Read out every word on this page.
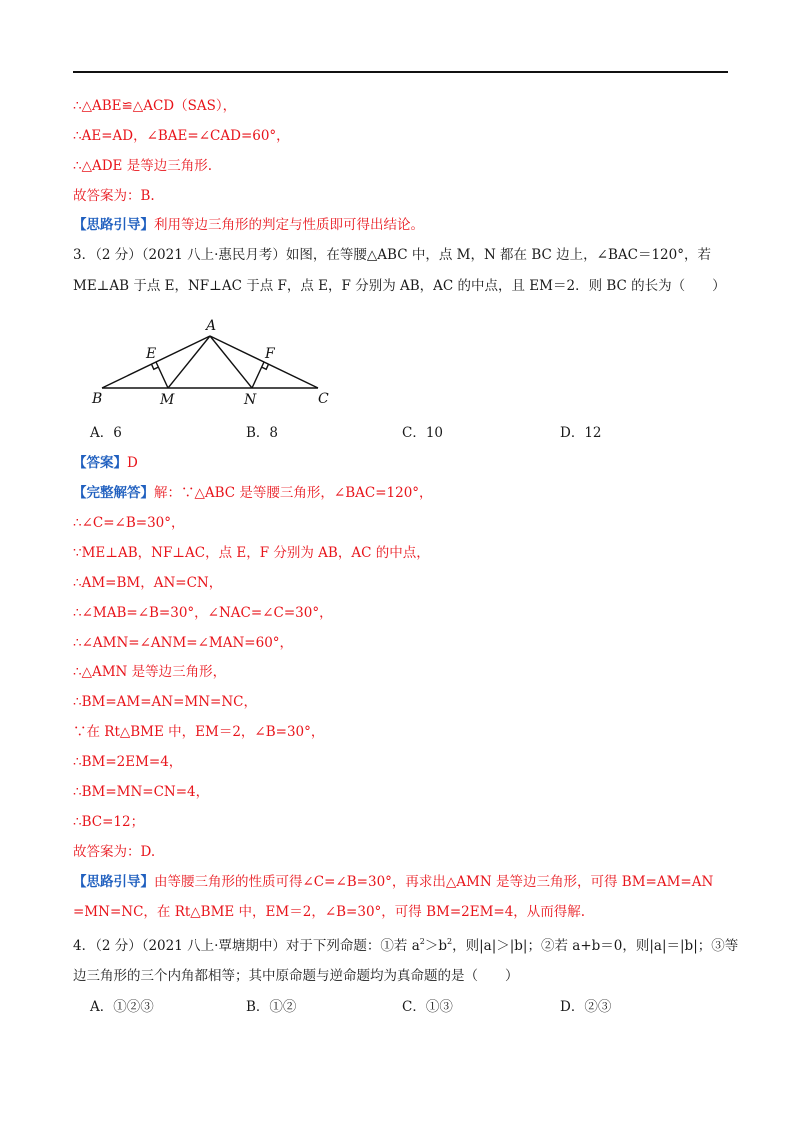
∴△ABE≌△ACD（SAS），
∴AE=AD，∠BAE=∠CAD=60°，
∴△ADE 是等边三角形.
故答案为：B.
【思路引导】利用等边三角形的判定与性质即可得出结论。
3．（2 分）（2021 八上·惠民月考）如图，在等腰△ABC 中，点 M，N 都在 BC 边上，∠BAC＝120°，若
ME⊥AB 于点 E，NF⊥AC 于点 F，点 E，F 分别为 AB，AC 的中点，且 EM＝2．则 BC 的长为（　　）
A
B	C
E	F
M	N
A．6	B．8	C．10	D．12
【答案】D
【完整解答】解：∵△ABC 是等腰三角形，∠BAC=120°，
∴∠C=∠B=30°，
∵ME⊥AB，NF⊥AC，点 E，F 分别为 AB，AC 的中点，
∴AM=BM，AN=CN，
∴∠MAB=∠B=30°，∠NAC=∠C=30°，
∴∠AMN=∠ANM=∠MAN=60°，
∴△AMN 是等边三角形，
∴BM=AM=AN=MN=NC，
∵在 Rt△BME 中，EM＝2，∠B=30°，
∴BM=2EM=4，
∴BM=MN=CN=4，
∴BC=12；
故答案为：D.
【思路引导】由等腰三角形的性质可得∠C=∠B=30°，再求出△AMN 是等边三角形，可得 BM=AM=AN
=MN=NC，在 Rt△BME 中，EM＝2，∠B=30°，可得 BM=2EM=4，从而得解.
4．（2 分）（2021 八上·覃塘期中）对于下列命题：①若 $a^2>b^2$，则|a|＞|b|；②若 a+b＝0，则|a|＝|b|；③等
边三角形的三个内角都相等；其中原命题与逆命题均为真命题的是（　　）
A．①②③	B．①②	C．①③	D．②③
